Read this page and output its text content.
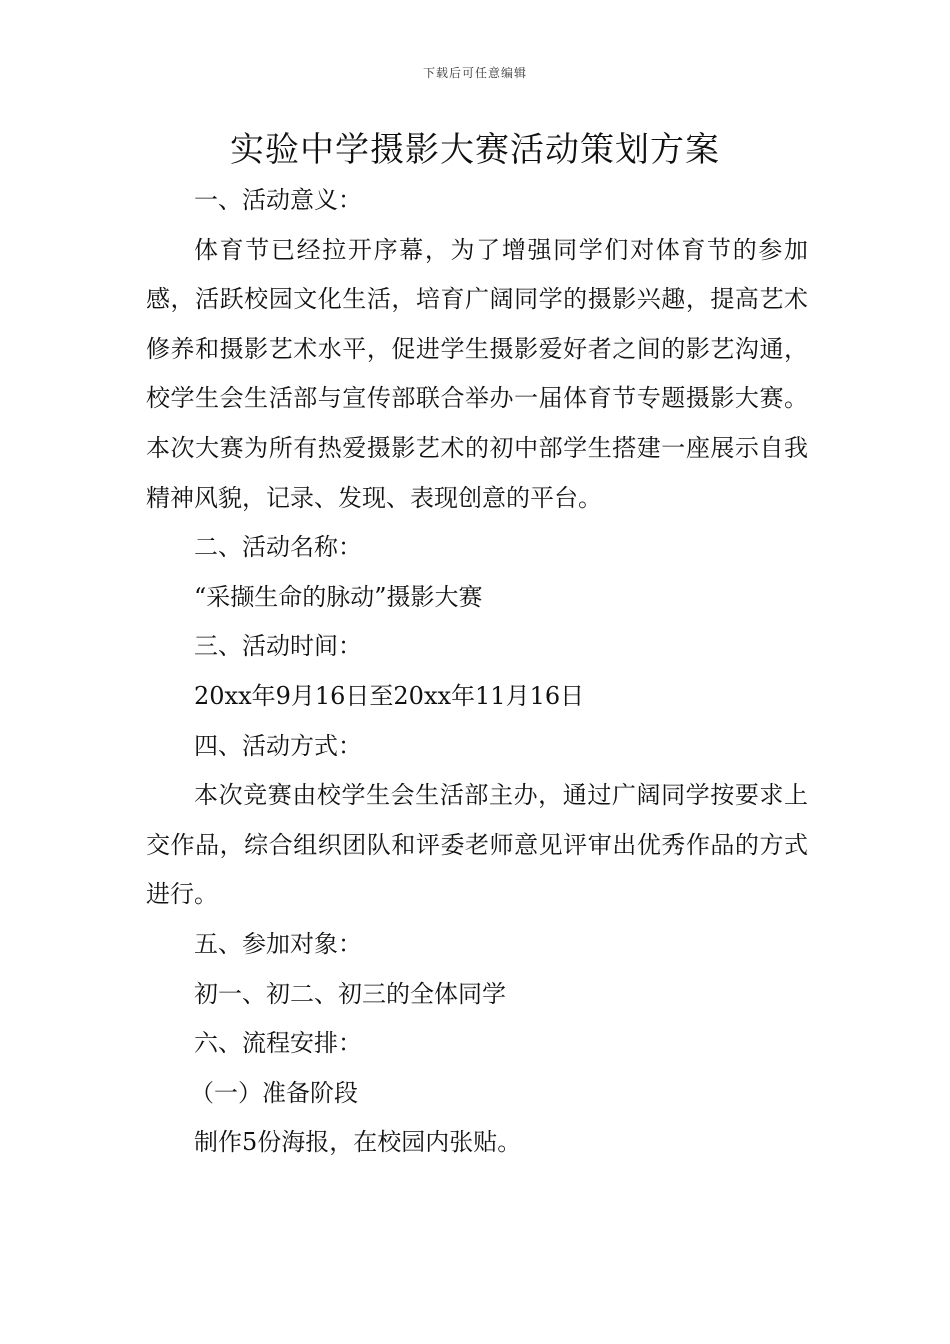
下载后可任意编辑
实验中学摄影大赛活动策划方案

一、活动意义：

体育节已经拉开序幕，为了增强同学们对体育节的参加感，活跃校园文化生活，培育广阔同学的摄影兴趣，提高艺术修养和摄影艺术水平，促进学生摄影爱好者之间的影艺沟通，校学生会生活部与宣传部联合举办一届体育节专题摄影大赛。本次大赛为所有热爱摄影艺术的初中部学生搭建一座展示自我精神风貌，记录、发现、表现创意的平台。

二、活动名称：

“采撷生命的脉动”摄影大赛

三、活动时间：

20xx年9月16日至20xx年11月16日

四、活动方式：

本次竞赛由校学生会生活部主办，通过广阔同学按要求上交作品，综合组织团队和评委老师意见评审出优秀作品的方式进行。

五、参加对象：

初一、初二、初三的全体同学

六、流程安排：

（一）准备阶段

制作5份海报，在校园内张贴。
